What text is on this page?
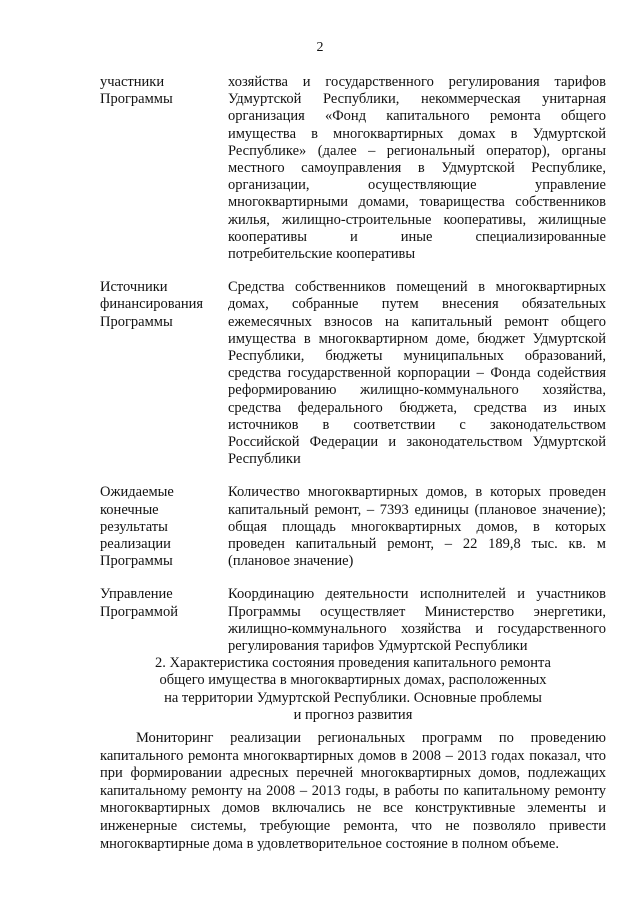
2
участники
Программы
хозяйства и государственного регулирования тарифов
Удмуртской Республики, некоммерческая унитарная
организация «Фонд капитального ремонта общего
имущества в многоквартирных домах в Удмуртской
Республике» (далее – региональный оператор), органы
местного самоуправления в Удмуртской Республике,
организации, осуществляющие управление
многоквартирными домами, товарищества собственников
жилья, жилищно-строительные кооперативы, жилищные
кооперативы и иные специализированные
потребительские кооперативы
Источники
финансирования
Программы
Средства собственников помещений в многоквартирных
домах, собранные путем внесения обязательных
ежемесячных взносов на капитальный ремонт общего
имущества в многоквартирном доме, бюджет Удмуртской
Республики, бюджеты муниципальных образований,
средства государственной корпорации – Фонда содействия
реформированию жилищно-коммунального хозяйства,
средства федерального бюджета, средства из иных
источников в соответствии с законодательством
Российской Федерации и законодательством Удмуртской
Республики
Ожидаемые
конечные
результаты
реализации
Программы
Количество многоквартирных домов, в которых проведен
капитальный ремонт, – 7393 единицы (плановое значение);
общая площадь многоквартирных домов, в которых
проведен капитальный ремонт, – 22 189,8 тыс. кв. м
(плановое значение)
Управление
Программой
Координацию деятельности исполнителей и участников
Программы осуществляет Министерство энергетики,
жилищно-коммунального хозяйства и государственного
регулирования тарифов Удмуртской Республики
2. Характеристика состояния проведения капитального ремонта
общего имущества в многоквартирных домах, расположенных
на территории Удмуртской Республики. Основные проблемы
и прогноз развития
Мониторинг реализации региональных программ по проведению
капитального ремонта многоквартирных домов в 2008 – 2013 годах показал, что
при формировании адресных перечней многоквартирных домов, подлежащих
капитальному ремонту на 2008 – 2013 годы, в работы по капитальному ремонту
многоквартирных домов включались не все конструктивные элементы и
инженерные системы, требующие ремонта, что не позволяло привести
многоквартирные дома в удовлетворительное состояние в полном объеме.
